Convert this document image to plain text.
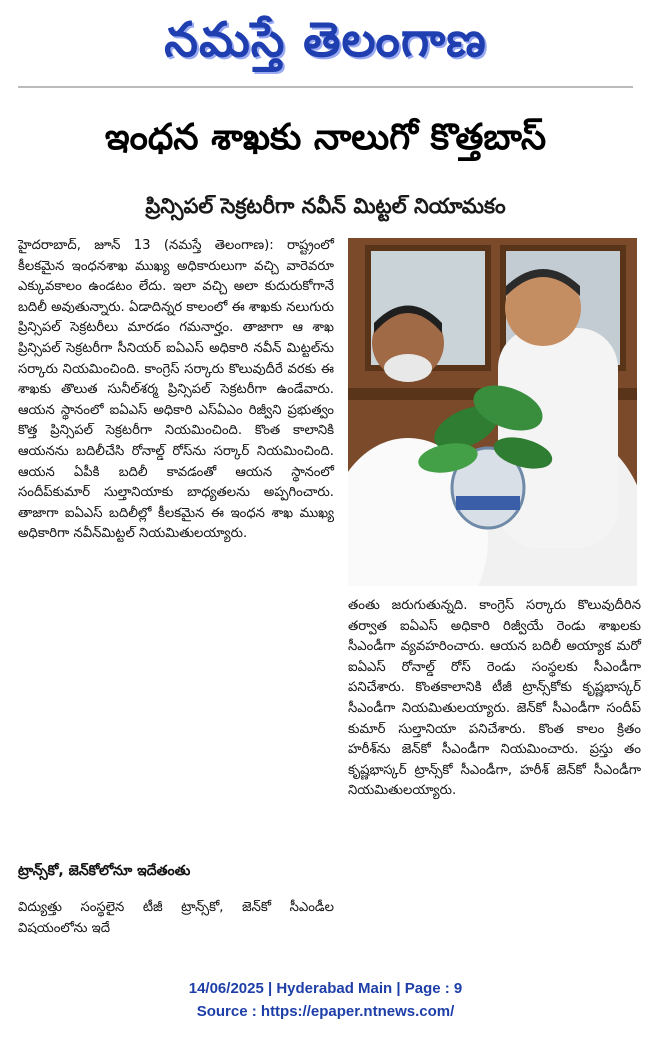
నమస్తే తెలంగాణ
ఇంధన శాఖకు నాలుగో కొత్తబాస్
ప్రిన్సిపల్ సెక్రటరీగా నవీన్ మిట్టల్ నియామకం

హైదరాబాద్, జూన్ 13 (నమస్తే తెలంగాణ): రాష్ట్రంలో కీలకమైన ఇంధనశాఖ ముఖ్య అధికారులుగా వచ్చి వారెవరూ ఎక్కువకాలం ఉండటం లేదు. ఇలా వచ్చి అలా కుదురుకోగానే బదిలీ అవుతున్నారు. ఏడాదిన్నర కాలంలో ఈ శాఖకు నలుగురు ప్రిన్సిపల్ సెక్రటరీలు మారడం గమనార్హం. తాజాగా ఆ శాఖ ప్రిన్సిపల్ సెక్రటరీగా సీనియర్ ఐఏఎస్ అధికారి నవీన్ మిట్టల్‌ను సర్కారు నియమించింది. కాంగ్రెస్ సర్కారు కొలువుదీరే వరకు ఈ శాఖకు తొలుత సునీల్‌శర్మ ప్రిన్సిపల్ సెక్రటరీగా ఉండేవారు. ఆయన స్థానంలో ఐఏఎస్ అధికారి ఎస్ఏఎం రిజ్వీని ప్రభుత్వం కొత్త ప్రిన్సిపల్ సెక్రటరీగా నియమించింది. కొంత కాలానికి ఆయనను బదిలీచేసి రోనాల్డ్ రోస్‌ను సర్కార్ నియమించింది. ఆయన ఏపీకి బదిలీ కావడంతో ఆయన స్థానంలో సందీప్‌కుమార్ సుల్తానియాకు బాధ్యతలను అప్పగించారు. తాజాగా ఐఏఎస్ బదిలీల్లో కీలకమైన ఈ ఇంధన శాఖ ముఖ్య అధికారిగా నవీన్‌మిట్టల్ నియమితులయ్యారు.

ట్రాన్స్‌కో, జెన్‌కోలోనూ ఇదేతంతు

విద్యుత్తు సంస్థలైన టీజీ ట్రాన్స్‌కో, జెన్‌కో సీఎండీల విషయంలోను ఇదే

తంతు జరుగుతున్నది. కాంగ్రెస్ సర్కారు కొలువుదీరిన తర్వాత ఐఏఎస్ అధికారి రిజ్వీయే రెండు శాఖలకు సీఎండీగా వ్యవహరించారు. ఆయన బదిలీ అయ్యాక మరో ఐఏఎస్ రోనాల్డ్ రోస్ రెండు సంస్థలకు సీఎండీగా పనిచేశారు. కొంతకాలానికి టీజీ ట్రాన్స్‌కోకు కృష్ణభాస్కర్ సీఎండీగా నియమితులయ్యారు. జెన్‌కో సీఎండీగా సందీప్ కుమార్ సుల్తానియా పనిచేశారు. కొంత కాలం క్రితం హరీశ్‌ను జెన్‌కో సీఎండీగా నియమించారు. ప్రస్తు తం కృష్ణభాస్కర్ ట్రాన్స్‌కో సీఎండీగా, హరీశ్ జెన్‌కో సీఎండీగా నియమితులయ్యారు.

14/06/2025 | Hyderabad Main | Page : 9
Source : https://epaper.ntnews.com/
